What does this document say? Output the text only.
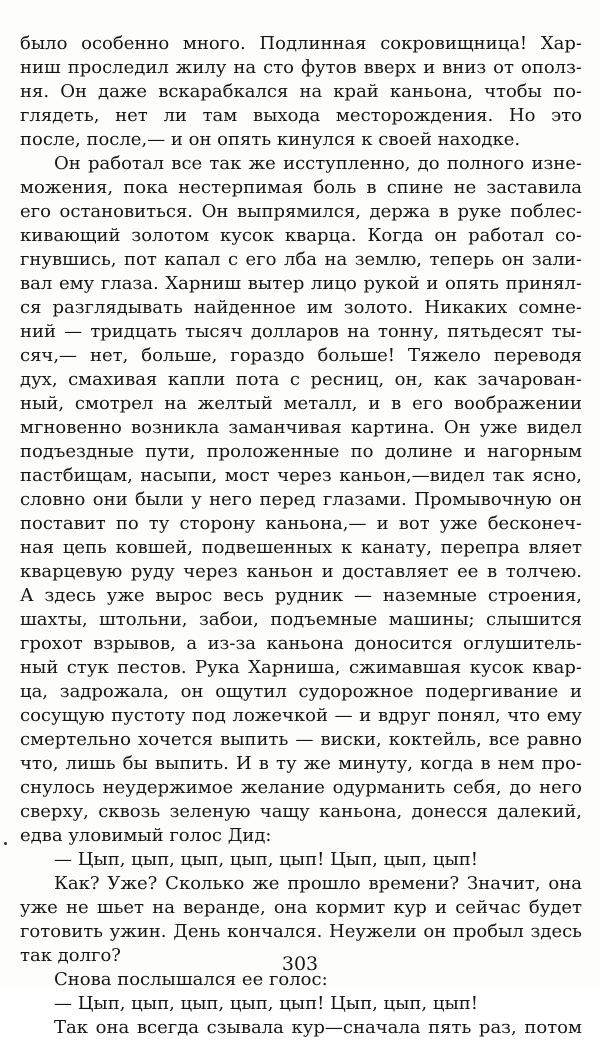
было особенно много. Подлинная сокровищница! Хар-
ниш проследил жилу на сто футов вверх и вниз от ополз-
ня. Он даже вскарабкался на край каньона, чтобы по-
глядеть, нет ли там выхода месторождения. Но это
после, после,— и он опять кинулся к своей находке.
Он работал все так же исступленно, до полного изне-
можения, пока нестерпимая боль в спине не заставила
его остановиться. Он выпрямился, держа в руке поблес-
кивающий золотом кусок кварца. Когда он работал со-
гнувшись, пот капал с его лба на землю, теперь он зали-
вал ему глаза. Харниш вытер лицо рукой и опять принял-
ся разглядывать найденное им золото. Никаких сомне-
ний — тридцать тысяч долларов на тонну, пятьдесят ты-
сяч,— нет, больше, гораздо больше! Тяжело переводя
дух, смахивая капли пота с ресниц, он, как зачарован-
ный, смотрел на желтый металл, и в его воображении
мгновенно возникла заманчивая картина. Он уже видел
подъездные пути, проложенные по долине и нагорным
пастбищам, насыпи, мост через каньон,—видел так ясно,
словно они были у него перед глазами. Промывочную он
поставит по ту сторону каньона,— и вот уже бесконеч-
ная цепь ковшей, подвешенных к канату, перепра вляет
кварцевую руду через каньон и доставляет ее в толчею.
А здесь уже вырос весь рудник — наземные строения,
шахты, штольни, забои, подъемные машины; слышится
грохот взрывов, а из-за каньона доносится оглушитель-
ный стук пестов. Рука Харниша, сжимавшая кусок квар-
ца, задрожала, он ощутил судорожное подергивание и
сосущую пустоту под ложечкой — и вдруг понял, что ему
смертельно хочется выпить — виски, коктейль, все равно
что, лишь бы выпить. И в ту же минуту, когда в нем про-
снулось неудержимое желание одурманить себя, до него
сверху, сквозь зеленую чащу каньона, донесся далекий,
едва уловимый голос Дид:
— Цып, цып, цып, цып, цып! Цып, цып, цып!
Как? Уже? Сколько же прошло времени? Значит, она
уже не шьет на веранде, она кормит кур и сейчас будет
готовить ужин. День кончался. Неужели он пробыл здесь
так долго?
Снова послышался ее голос:
— Цып, цып, цып, цып, цып! Цып, цып, цып!
Так она всегда сзывала кур—сначала пять раз, потом
303
